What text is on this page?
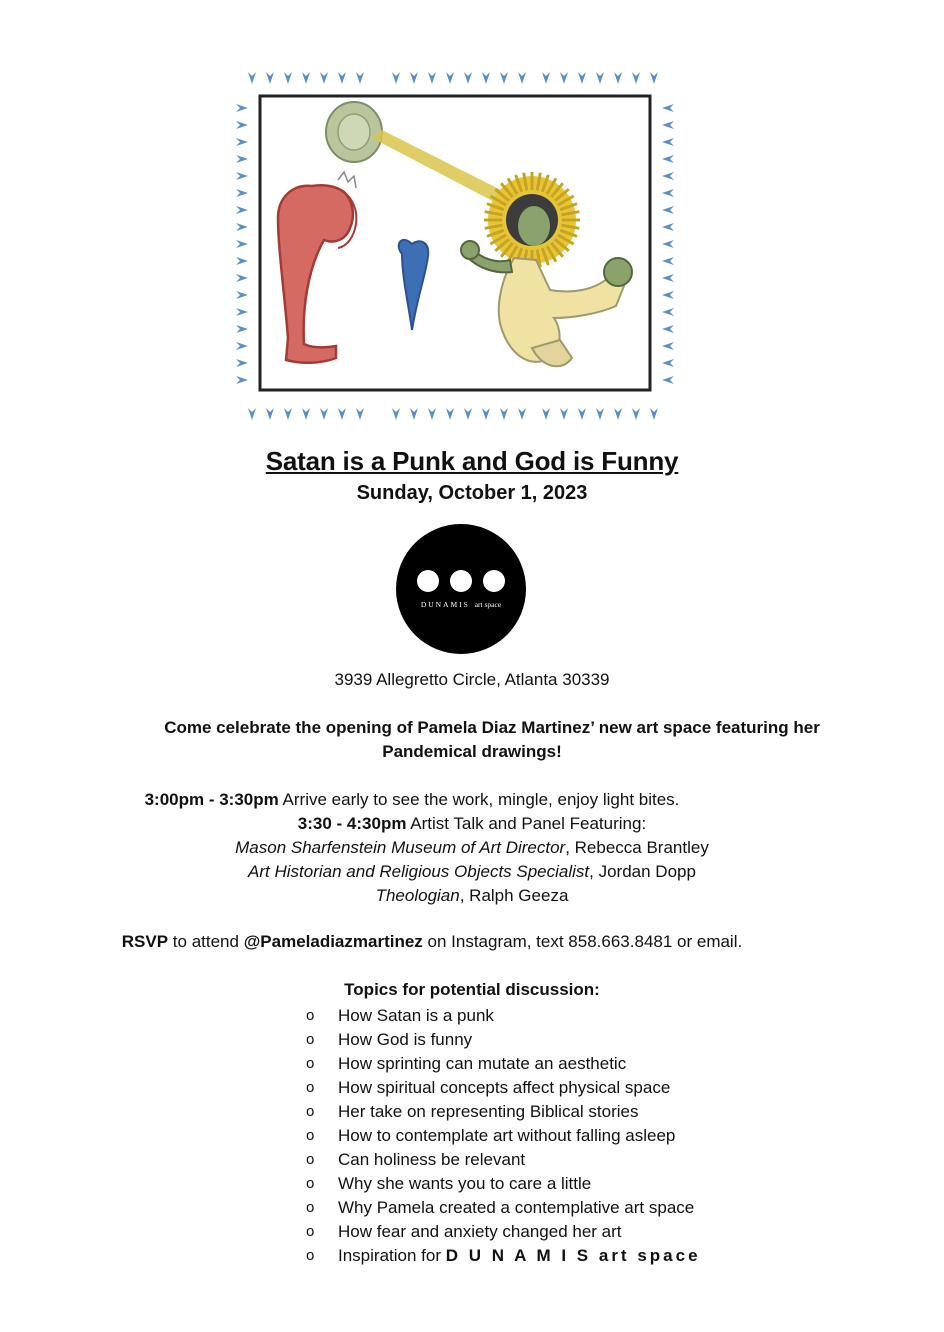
Satan is a Punk and God is Funny
Sunday, October 1, 2023
DUNAMIS art space
3939 Allegretto Circle, Atlanta 30339
Come celebrate the opening of Pamela Diaz Martinez’ new art space featuring her
Pandemical drawings!
3:00pm - 3:30pm Arrive early to see the work, mingle, enjoy light bites.
3:30 - 4:30pm Artist Talk and Panel Featuring:
Mason Sharfenstein Museum of Art Director, Rebecca Brantley
Art Historian and Religious Objects Specialist, Jordan Dopp
Theologian, Ralph Geeza
RSVP to attend @Pameladiazmartinez on Instagram, text 858.663.8481 or email.
Topics for potential discussion:
o How Satan is a punk
o How God is funny
o How sprinting can mutate an aesthetic
o How spiritual concepts affect physical space
o Her take on representing Biblical stories
o How to contemplate art without falling asleep
o Can holiness be relevant
o Why she wants you to care a little
o Why Pamela created a contemplative art space
o How fear and anxiety changed her art
o Inspiration for D U N A M I S art space
